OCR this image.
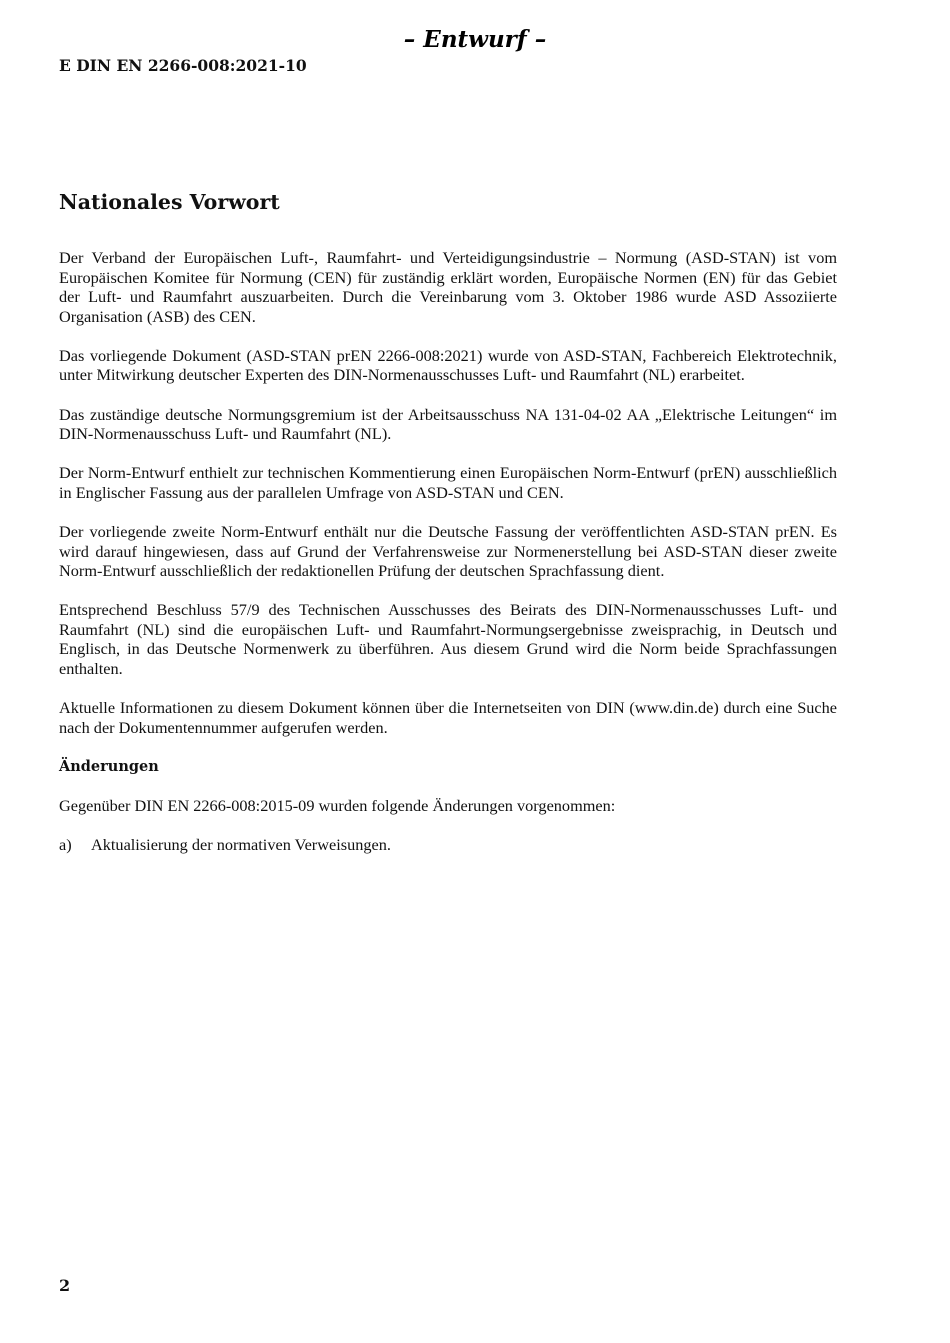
– Entwurf –
E DIN EN 2266-008:2021-10
Nationales Vorwort

Der Verband der Europäischen Luft-, Raumfahrt- und Verteidigungsindustrie – Normung (ASD-STAN) ist vom Europäischen Komitee für Normung (CEN) für zuständig erklärt worden, Europäische Normen (EN) für das Gebiet der Luft- und Raumfahrt auszuarbeiten. Durch die Vereinbarung vom 3. Oktober 1986 wurde ASD Assoziierte Organisation (ASB) des CEN.

Das vorliegende Dokument (ASD-STAN prEN 2266-008:2021) wurde von ASD-STAN, Fachbereich Elektrotechnik, unter Mitwirkung deutscher Experten des DIN-Normenausschusses Luft- und Raumfahrt (NL) erarbeitet.

Das zuständige deutsche Normungsgremium ist der Arbeitsausschuss NA 131-04-02 AA „Elektrische Leitungen“ im DIN-Normenausschuss Luft- und Raumfahrt (NL).

Der Norm-Entwurf enthielt zur technischen Kommentierung einen Europäischen Norm-Entwurf (prEN) ausschließlich in Englischer Fassung aus der parallelen Umfrage von ASD-STAN und CEN.

Der vorliegende zweite Norm-Entwurf enthält nur die Deutsche Fassung der veröffentlichten ASD-STAN prEN. Es wird darauf hingewiesen, dass auf Grund der Verfahrensweise zur Normenerstellung bei ASD-STAN dieser zweite Norm-Entwurf ausschließlich der redaktionellen Prüfung der deutschen Sprachfassung dient.

Entsprechend Beschluss 57/9 des Technischen Ausschusses des Beirats des DIN-Normenausschusses Luft- und Raumfahrt (NL) sind die europäischen Luft- und Raumfahrt-Normungsergebnisse zweisprachig, in Deutsch und Englisch, in das Deutsche Normenwerk zu überführen. Aus diesem Grund wird die Norm beide Sprachfassungen enthalten.

Aktuelle Informationen zu diesem Dokument können über die Internetseiten von DIN (www.din.de) durch eine Suche nach der Dokumentennummer aufgerufen werden.

Änderungen

Gegenüber DIN EN 2266-008:2015-09 wurden folgende Änderungen vorgenommen:

a)	Aktualisierung der normativen Verweisungen.
2
